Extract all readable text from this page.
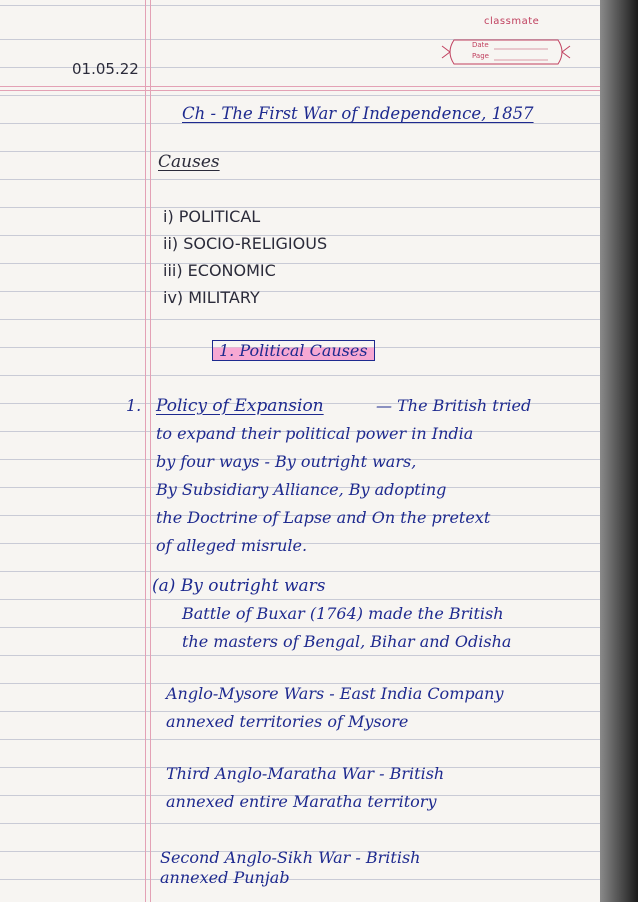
classmate
Date
Page
01.05.22
Ch - The First War of Independence, 1857
Causes
i) POLITICAL
ii) SOCIO-RELIGIOUS
iii) ECONOMIC
iv) MILITARY
1. Political Causes
1. Policy of Expansion	— The British tried
to expand their political power in India
by four ways - By outright wars,
By Subsidiary Alliance, By adopting
the Doctrine of Lapse and On the pretext
of alleged misrule.
(a) By outright wars
Battle of Buxar (1764) made the British
the masters of Bengal, Bihar and Odisha
Anglo-Mysore Wars - East India Company
annexed territories of Mysore
Third Anglo-Maratha War - British
annexed entire Maratha territory
Second Anglo-Sikh War - British
annexed Punjab
